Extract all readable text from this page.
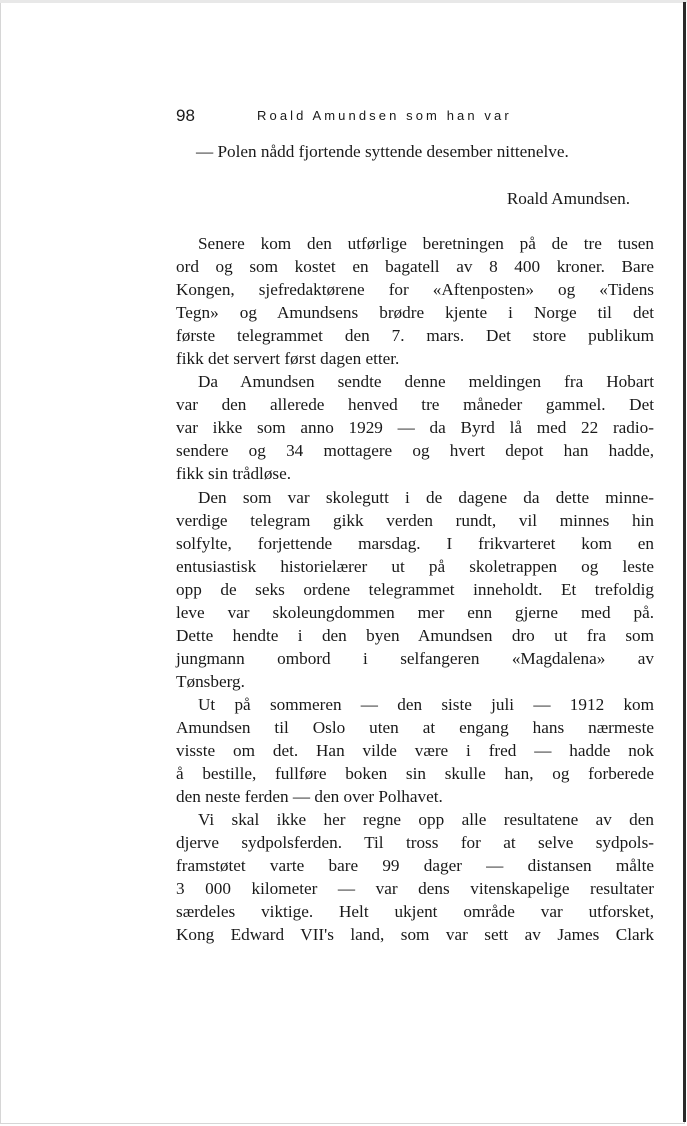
98	Roald Amundsen som han var
— Polen nådd fjortende syttende desember nittenelve.
Roald Amundsen.
Senere kom den utførlige beretningen på de tre tusen
ord og som kostet en bagatell av 8 400 kroner. Bare
Kongen, sjefredaktørene for «Aftenposten» og «Tidens
Tegn» og Amundsens brødre kjente i Norge til det
første telegrammet den 7. mars. Det store publikum
fikk det servert først dagen etter.
Da Amundsen sendte denne meldingen fra Hobart
var den allerede henved tre måneder gammel. Det
var ikke som anno 1929 — da Byrd lå med 22 radio-
sendere og 34 mottagere og hvert depot han hadde,
fikk sin trådløse.
Den som var skolegutt i de dagene da dette minne-
verdige telegram gikk verden rundt, vil minnes hin
solfylte, forjettende marsdag. I frikvarteret kom en
entusiastisk historielærer ut på skoletrappen og leste
opp de seks ordene telegrammet inneholdt. Et trefoldig
leve var skoleungdommen mer enn gjerne med på.
Dette hendte i den byen Amundsen dro ut fra som
jungmann ombord i selfangeren «Magdalena» av
Tønsberg.
Ut på sommeren — den siste juli — 1912 kom
Amundsen til Oslo uten at engang hans nærmeste
visste om det. Han vilde være i fred — hadde nok
å bestille, fullføre boken sin skulle han, og forberede
den neste ferden — den over Polhavet.
Vi skal ikke her regne opp alle resultatene av den
djerve sydpolsferden. Til tross for at selve sydpols-
framstøtet varte bare 99 dager — distansen målte
3 000 kilometer — var dens vitenskapelige resultater
særdeles viktige. Helt ukjent område var utforsket,
Kong Edward VII's land, som var sett av James Clark
